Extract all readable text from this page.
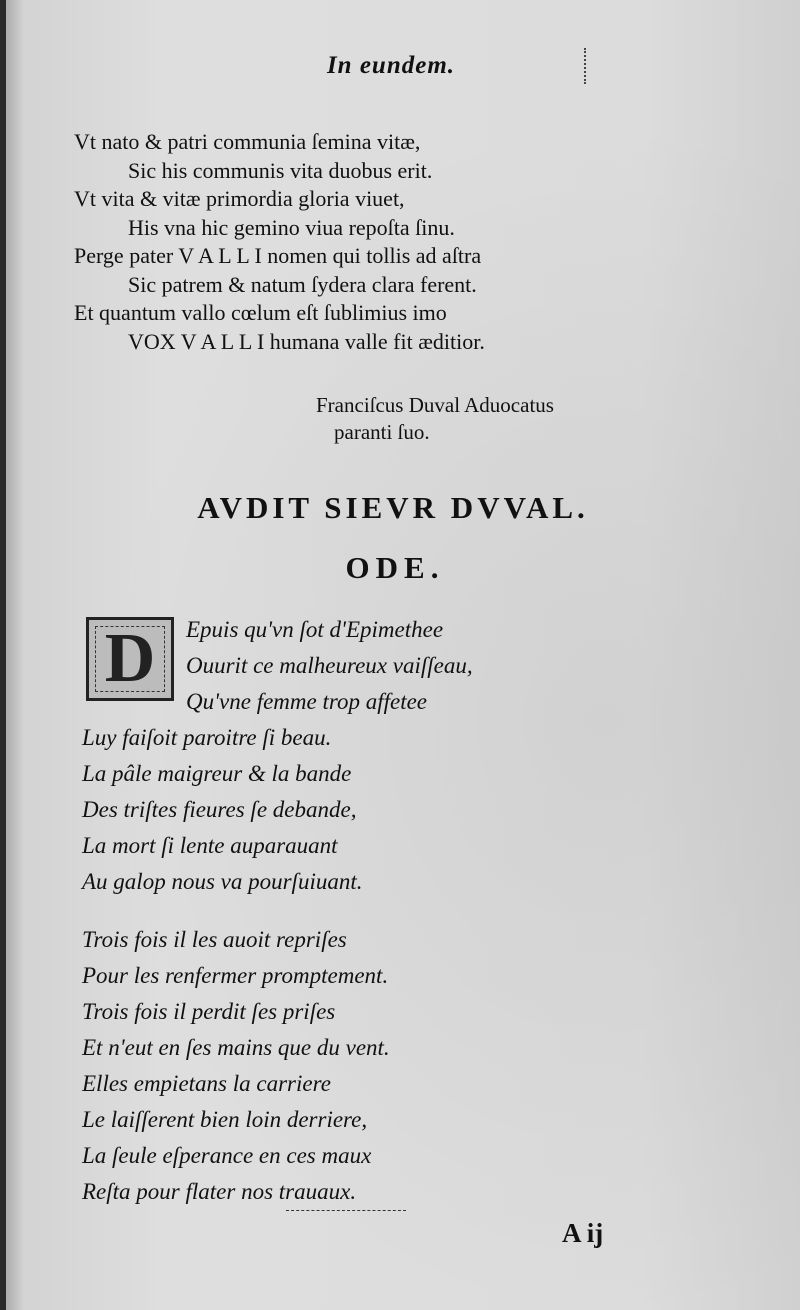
In eundem.
Vt nato & patri communia ſemina vitæ,
Sic his communis vita duobus erit.
Vt vita & vitæ primordia gloria viuet,
His vna hic gemino viua repoſta ſinu.
Perge pater V A L L I nomen qui tollis ad aſtra
Sic patrem & natum ſydera clara ferent.
Et quantum vallo cœlum eſt ſublimius imo
VOX V A L L I humana valle fit æditior.
Franciſcus Duval Aduocatus
paranti ſuo.
AVDIT SIEVR DVVAL.
ODE.
D	Epuis qu'vn ſot d'Epimethee
Ouurit ce malheureux vaiſſeau,
Qu'vne femme trop affetee
Luy faiſoit paroitre ſi beau.
La pâle maigreur & la bande
Des triſtes fieures ſe debande,
La mort ſi lente auparauant
Au galop nous va pourſuiuant.
Trois fois il les auoit repriſes
Pour les renfermer promptement.
Trois fois il perdit ſes priſes
Et n'eut en ſes mains que du vent.
Elles empietans la carriere
Le laiſſerent bien loin derriere,
La ſeule eſperance en ces maux
Reſta pour flater nos trauaux.
A ij
